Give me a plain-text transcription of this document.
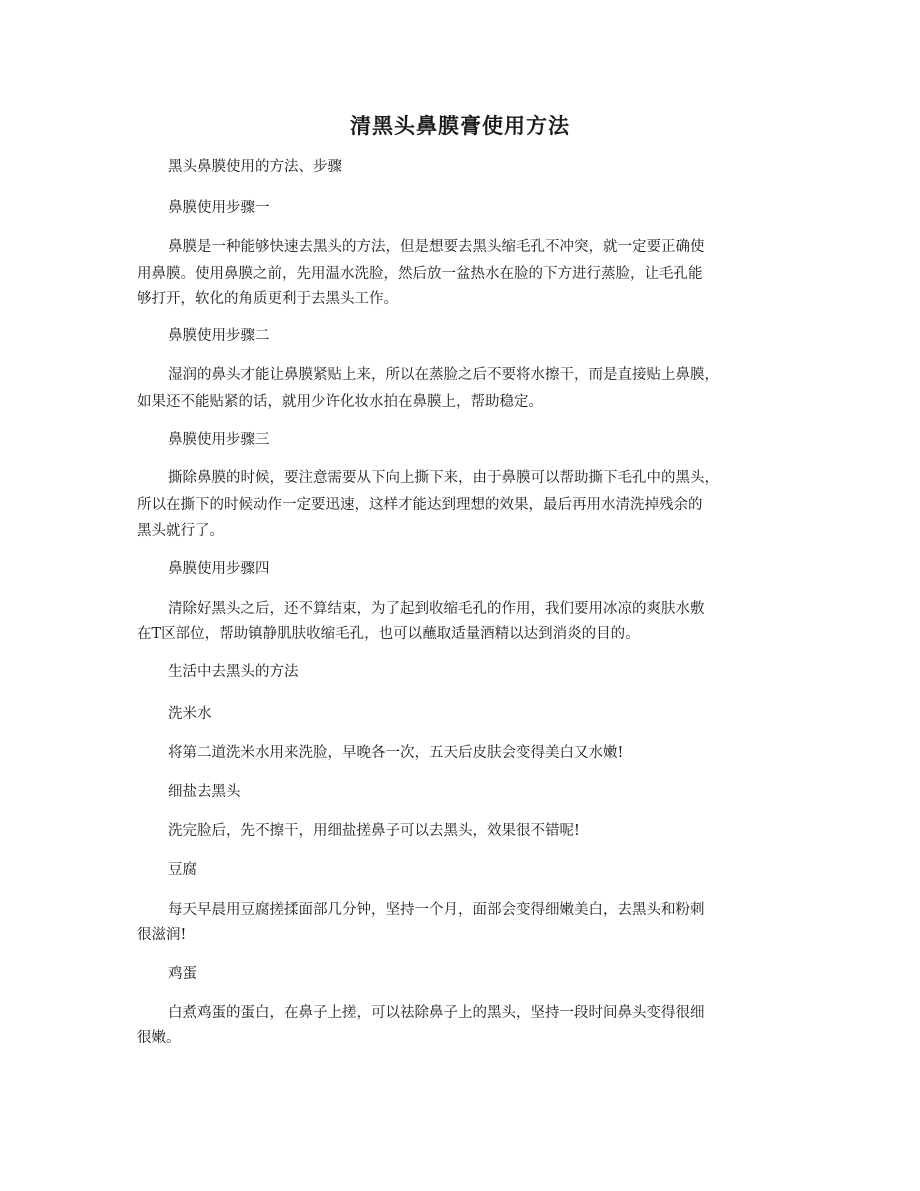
清黑头鼻膜膏使用方法

黑头鼻膜使用的方法、步骤

鼻膜使用步骤一

鼻膜是一种能够快速去黑头的方法，但是想要去黑头缩毛孔不冲突，就一定要正确使

用鼻膜。使用鼻膜之前，先用温水洗脸，然后放一盆热水在脸的下方进行蒸脸，让毛孔能

够打开，软化的角质更利于去黑头工作。

鼻膜使用步骤二

湿润的鼻头才能让鼻膜紧贴上来，所以在蒸脸之后不要将水擦干，而是直接贴上鼻膜，

如果还不能贴紧的话，就用少许化妆水拍在鼻膜上，帮助稳定。

鼻膜使用步骤三

撕除鼻膜的时候，要注意需要从下向上撕下来，由于鼻膜可以帮助撕下毛孔中的黑头，

所以在撕下的时候动作一定要迅速，这样才能达到理想的效果，最后再用水清洗掉残余的

黑头就行了。

鼻膜使用步骤四

清除好黑头之后，还不算结束，为了起到收缩毛孔的作用，我们要用冰凉的爽肤水敷

在T区部位，帮助镇静肌肤收缩毛孔，也可以蘸取适量酒精以达到消炎的目的。

生活中去黑头的方法

洗米水

将第二道洗米水用来洗脸，早晚各一次，五天后皮肤会变得美白又水嫩!

细盐去黑头

洗完脸后，先不擦干，用细盐搓鼻子可以去黑头，效果很不错呢!

豆腐

每天早晨用豆腐搓揉面部几分钟，坚持一个月，面部会变得细嫩美白，去黑头和粉刺

很滋润!

鸡蛋

白煮鸡蛋的蛋白，在鼻子上搓，可以祛除鼻子上的黑头，坚持一段时间鼻头变得很细

很嫩。
